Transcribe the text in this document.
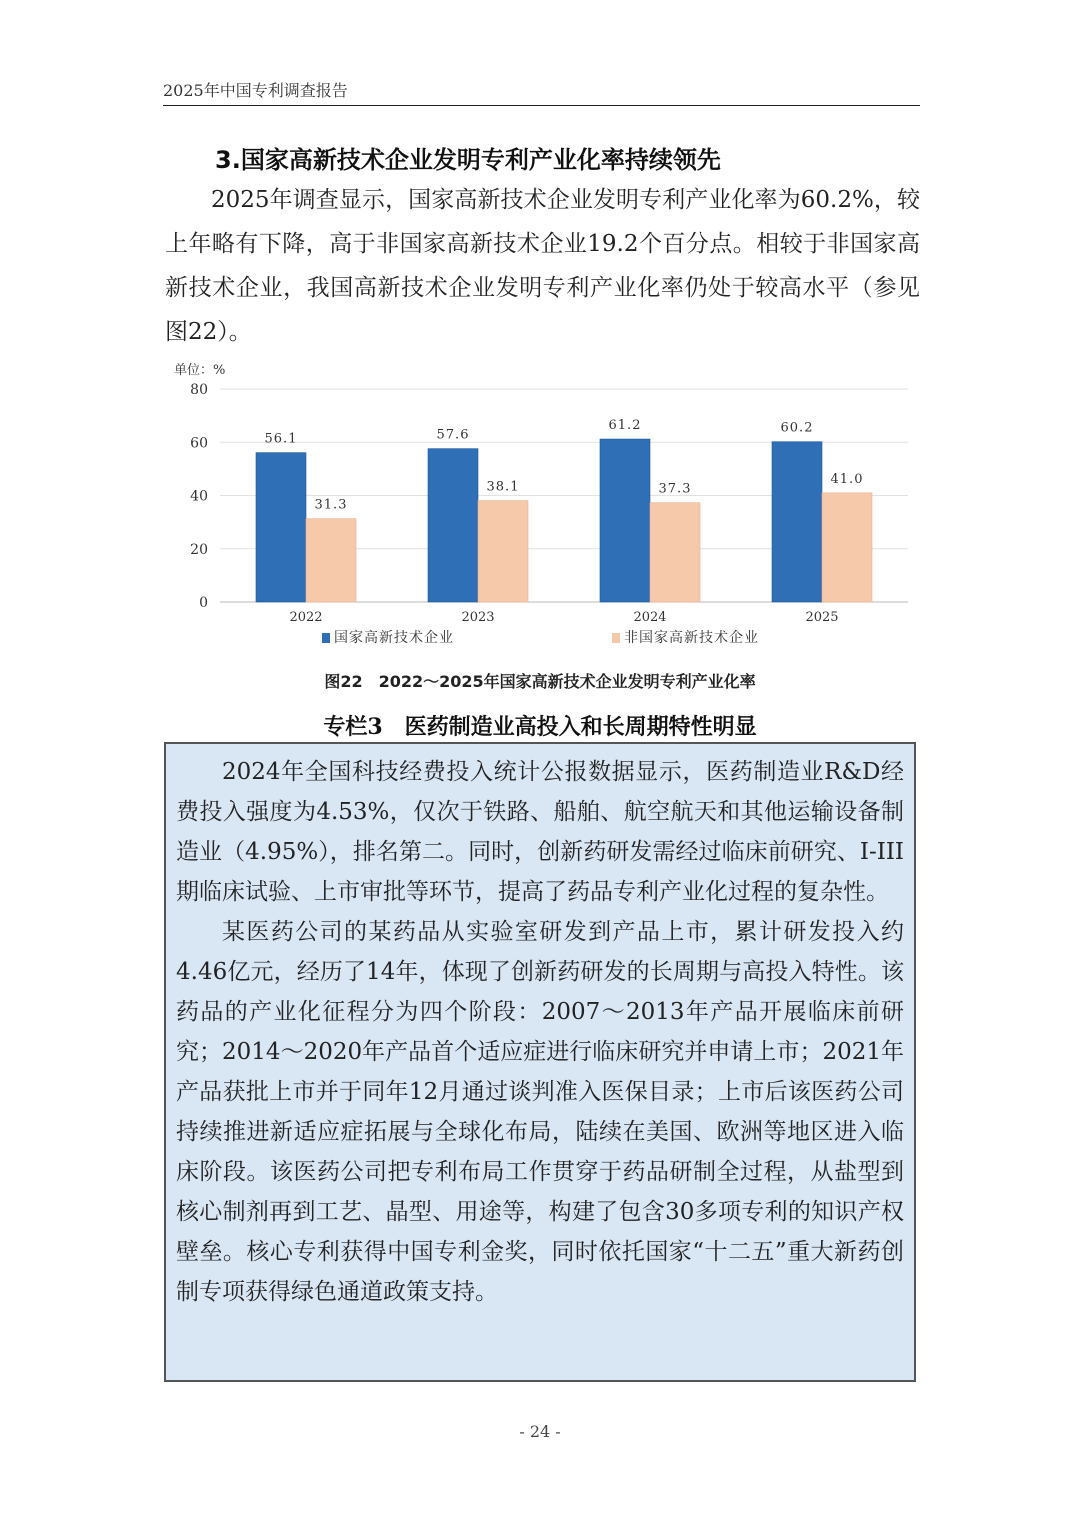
2025年中国专利调查报告
3.国家高新技术企业发明专利产业化率持续领先

2025年调查显示，国家高新技术企业发明专利产业化率为60.2%，较上年略有下降，高于非国家高新技术企业19.2个百分点。相较于非国家高新技术企业，我国高新技术企业发明专利产业化率仍处于较高水平（参见图22）。

单位：%
0
20
40
60
80
56.1
31.3
2022
57.6
38.1
2023
61.2
37.3
2024
60.2
41.0
2025
国家高新技术企业	非国家高新技术企业
图22　2022～2025年国家高新技术企业发明专利产业化率
专栏3　医药制造业高投入和长周期特性明显

2024年全国科技经费投入统计公报数据显示，医药制造业R&D经费投入强度为4.53%，仅次于铁路、船舶、航空航天和其他运输设备制造业（4.95%），排名第二。同时，创新药研发需经过临床前研究、I-III期临床试验、上市审批等环节，提高了药品专利产业化过程的复杂性。

某医药公司的某药品从实验室研发到产品上市，累计研发投入约4.46亿元，经历了14年，体现了创新药研发的长周期与高投入特性。该药品的产业化征程分为四个阶段：2007～2013年产品开展临床前研究；2014～2020年产品首个适应症进行临床研究并申请上市；2021年产品获批上市并于同年12月通过谈判准入医保目录；上市后该医药公司持续推进新适应症拓展与全球化布局，陆续在美国、欧洲等地区进入临床阶段。该医药公司把专利布局工作贯穿于药品研制全过程，从盐型到核心制剂再到工艺、晶型、用途等，构建了包含30多项专利的知识产权壁垒。核心专利获得中国专利金奖，同时依托国家“十二五”重大新药创制专项获得绿色通道政策支持。

- 24 -
